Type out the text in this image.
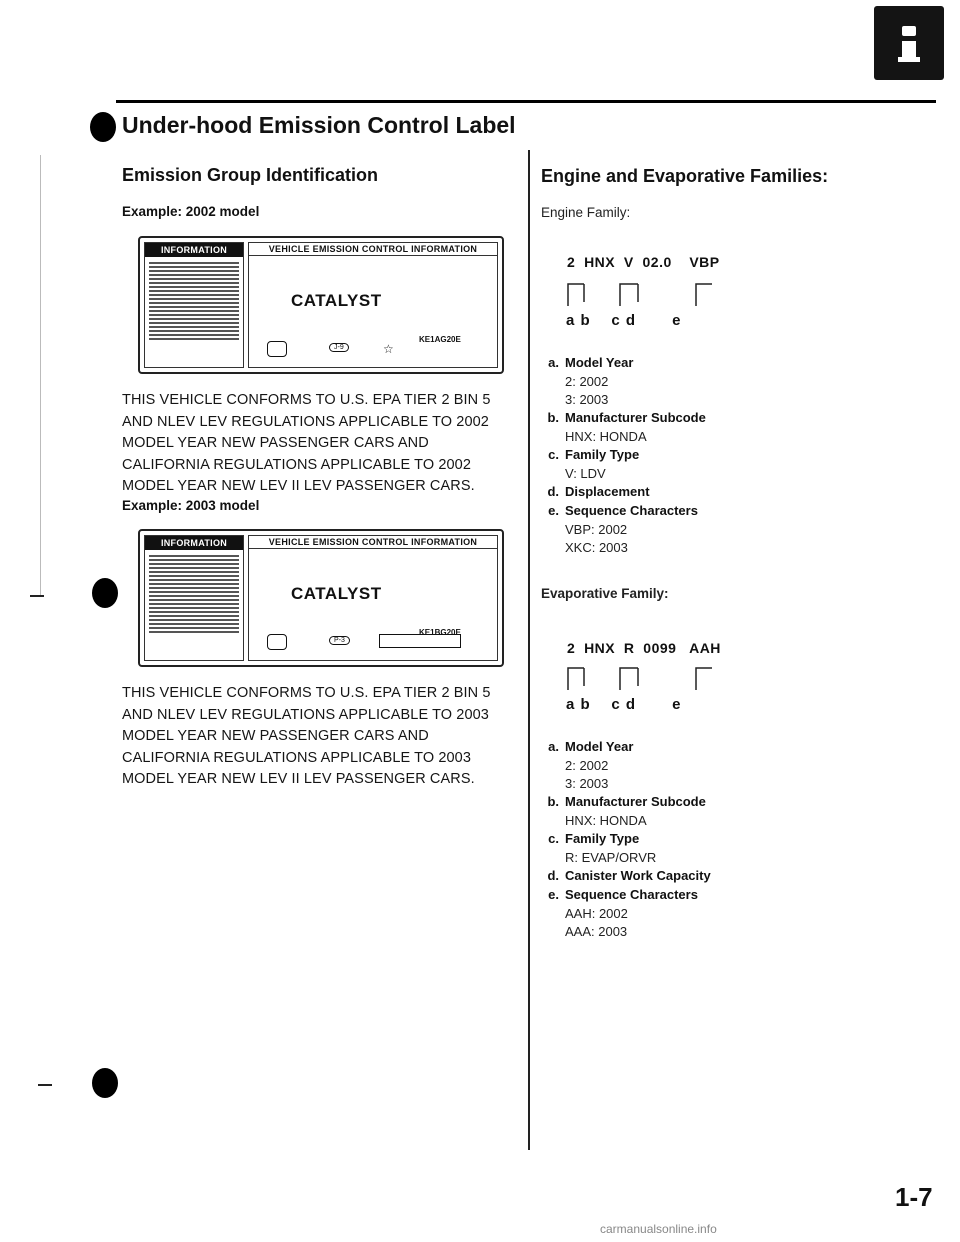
Under-hood Emission Control Label
Emission Group Identification
Example: 2002 model
INFORMATION	VEHICLE EMISSION CONTROL INFORMATION
CATALYST
KE1AG20E
J-9	☆
THIS VEHICLE CONFORMS TO U.S. EPA TIER 2 BIN 5 AND NLEV LEV REGULATIONS APPLICABLE TO 2002 MODEL YEAR NEW PASSENGER CARS AND CALIFORNIA REGULATIONS APPLICABLE TO 2002 MODEL YEAR NEW LEV II LEV PASSENGER CARS.
Example: 2003 model
INFORMATION	VEHICLE EMISSION CONTROL INFORMATION
CATALYST
KE1BG20E
P-3
THIS VEHICLE CONFORMS TO U.S. EPA TIER 2 BIN 5 AND NLEV LEV REGULATIONS APPLICABLE TO 2003 MODEL YEAR NEW PASSENGER CARS AND CALIFORNIA REGULATIONS APPLICABLE TO 2003 MODEL YEAR NEW LEV II LEV PASSENGER CARS.
Engine and Evaporative Families:
Engine Family:
2  HNX  V  02.0    VBP
a b    c d       e
a. Model Year
2: 2002
3: 2003
b. Manufacturer Subcode
HNX: HONDA
c. Family Type
V: LDV
d. Displacement
e. Sequence Characters
VBP: 2002
XKC: 2003
Evaporative Family:
2  HNX  R  0099   AAH
a b    c d       e
a. Model Year
2: 2002
3: 2003
b. Manufacturer Subcode
HNX: HONDA
c. Family Type
R: EVAP/ORVR
d. Canister Work Capacity
e. Sequence Characters
AAH: 2002
AAA: 2003
1-7
carmanualsonline.info
